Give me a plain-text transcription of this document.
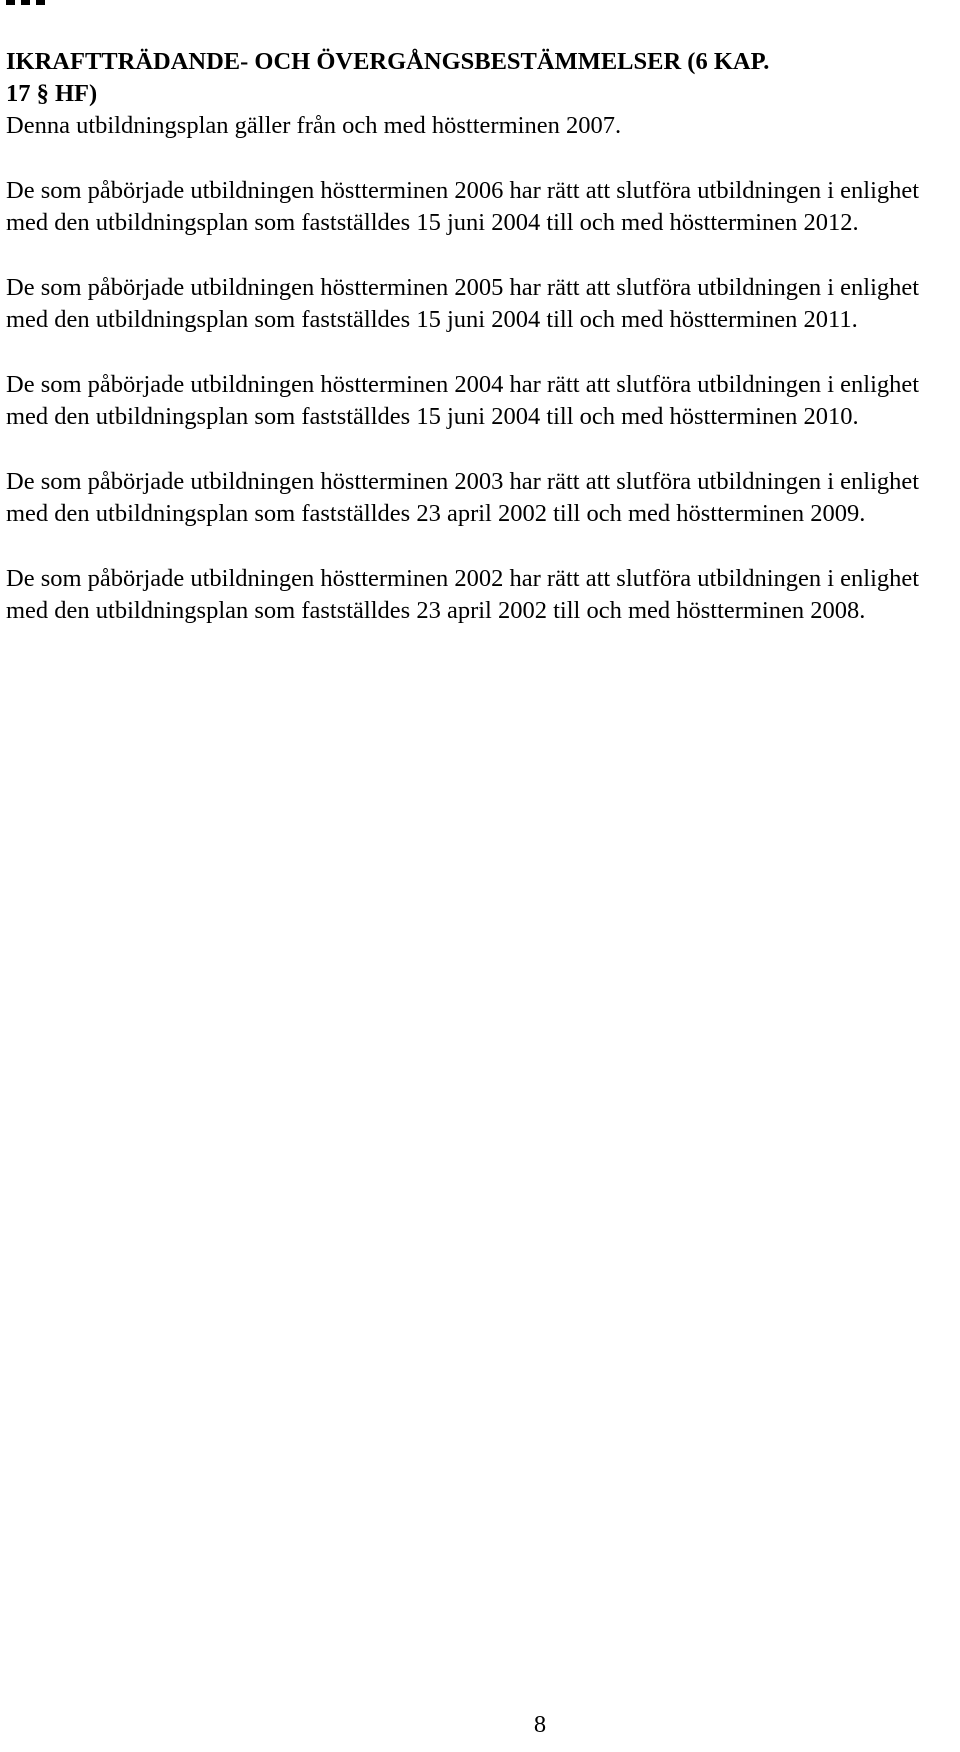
IKRAFTTRÄDANDE- OCH ÖVERGÅNGSBESTÄMMELSER (6 KAP.
17 § HF)

Denna utbildningsplan gäller från och med höstterminen 2007.

De som påbörjade utbildningen höstterminen 2006 har rätt att slutföra utbildningen i enlighet med den utbildningsplan som fastställdes 15 juni 2004 till och med höstterminen 2012.

De som påbörjade utbildningen höstterminen 2005 har rätt att slutföra utbildningen i enlighet med den utbildningsplan som fastställdes 15 juni 2004 till och med höstterminen 2011.

De som påbörjade utbildningen höstterminen 2004 har rätt att slutföra utbildningen i enlighet med den utbildningsplan som fastställdes 15 juni 2004 till och med höstterminen 2010.

De som påbörjade utbildningen höstterminen 2003 har rätt att slutföra utbildningen i enlighet med den utbildningsplan som fastställdes 23 april 2002 till och med höstterminen 2009.

De som påbörjade utbildningen höstterminen 2002 har rätt att slutföra utbildningen i enlighet med den utbildningsplan som fastställdes 23 april 2002 till och med höstterminen 2008.

8
